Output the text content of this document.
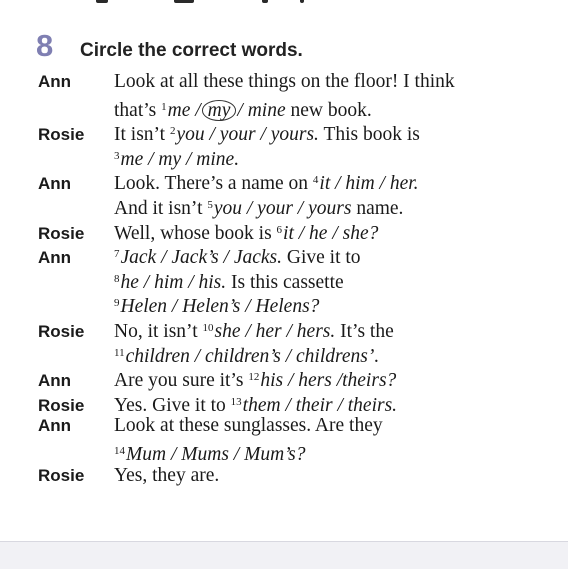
8	Circle the correct words.
Ann	Look at all these things on the floor! I think
that’s $^1$me / my / mine new book.
Rosie	It isn’t $^2$you / your / yours. This book is
$^3$me / my / mine.
Ann	Look. There’s a name on $^4$it / him / her.
And it isn’t $^5$you / your / yours name.
Rosie	Well, whose book is $^6$it / he / she?
Ann	$^7$Jack / Jack’s / Jacks. Give it to
$^8$he / him / his. Is this cassette
$^9$Helen / Helen’s / Helens?
Rosie	No, it isn’t $^{10}$she / her / hers. It’s the
$^{11}$children / children’s / childrens’.
Ann	Are you sure it’s $^{12}$his / hers /theirs?
Rosie	Yes. Give it to $^{13}$them / their / theirs.
Ann	Look at these sunglasses. Are they
$^{14}$Mum / Mums / Mum’s?
Rosie	Yes, they are.
